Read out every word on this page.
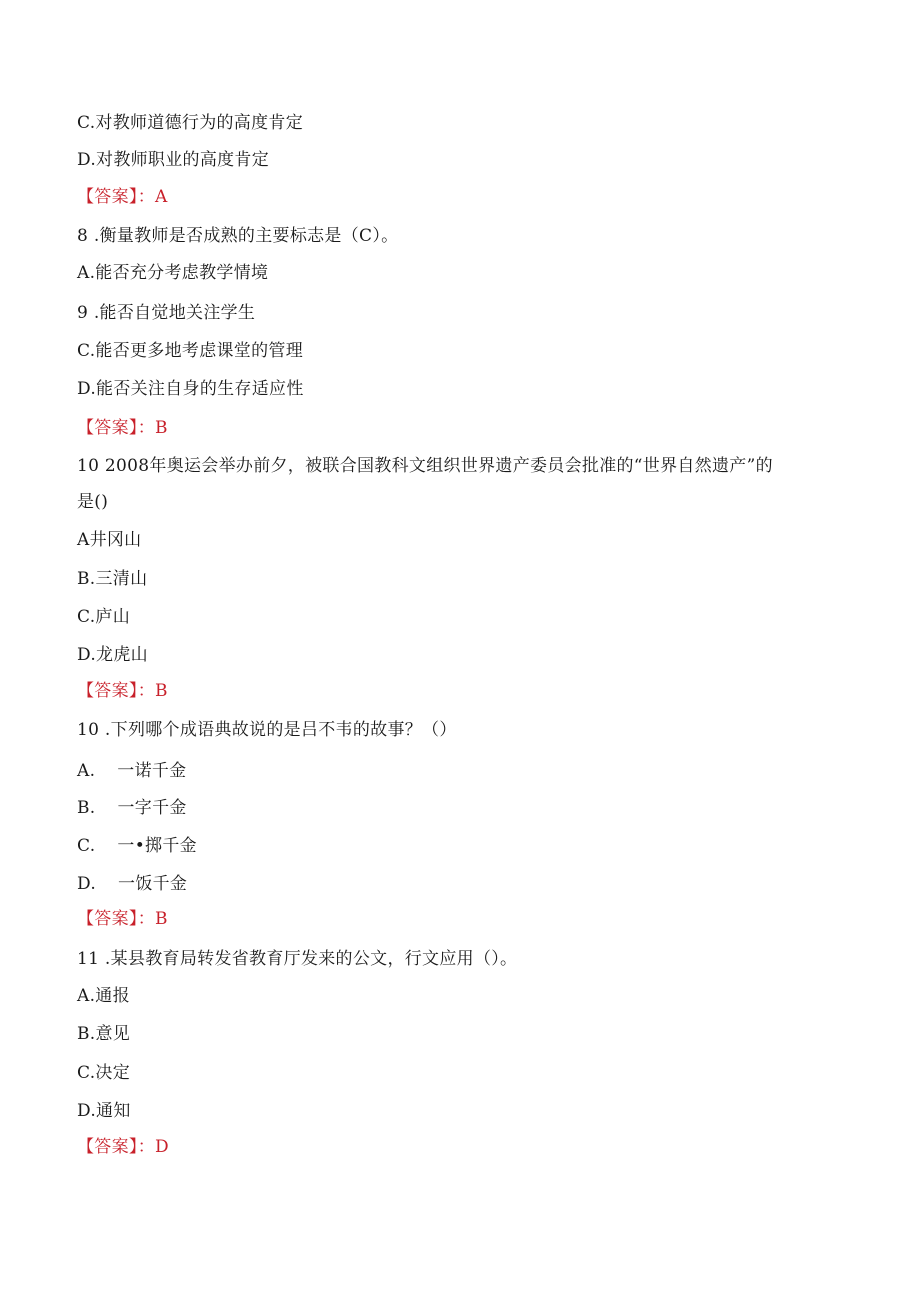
C.对教师道德行为的高度肯定
D.对教师职业的高度肯定
【答案】：A
8 .衡量教师是否成熟的主要标志是（C）。
A.能否充分考虑教学情境
9 .能否自觉地关注学生
C.能否更多地考虑课堂的管理
D.能否关注自身的生存适应性
【答案】：B
10 2008年奥运会举办前夕，被联合国教科文组织世界遗产委员会批准的“世界自然遗产”的
是()
A井冈山
B.三清山
C.庐山
D.龙虎山
【答案】：B
10 .下列哪个成语典故说的是吕不韦的故事？（）
A. 一诺千金
B. 一字千金
C. 一•掷千金
D. 一饭千金
【答案】：B
11 .某县教育局转发省教育厅发来的公文，行文应用（）。
A.通报
B.意见
C.决定
D.通知
【答案】：D
